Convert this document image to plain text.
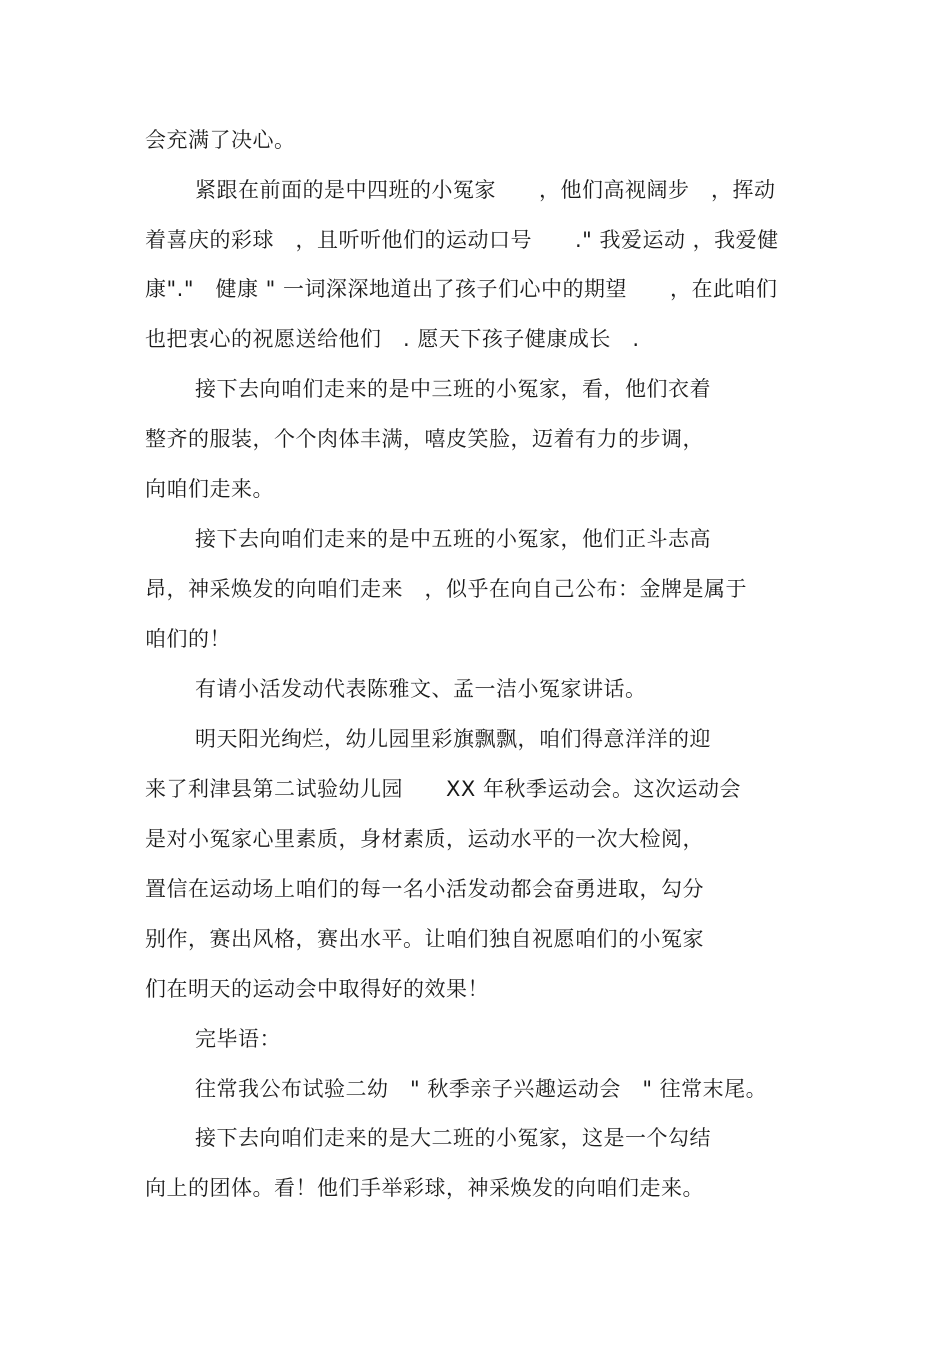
会充满了决心。
紧跟在前面的是中四班的小冤家　　，他们高视阔步　，挥动
着喜庆的彩球　，且听听他们的运动口号　　." 我爱运动 ，我爱健
康"."　健康 " 一词深深地道出了孩子们心中的期望　　，在此咱们
也把衷心的祝愿送给他们　. 愿天下孩子健康成长　.
接下去向咱们走来的是中三班的小冤家，看，他们衣着
整齐的服装，个个肉体丰满，嘻皮笑脸，迈着有力的步调，
向咱们走来。
接下去向咱们走来的是中五班的小冤家，他们正斗志高
昂，神采焕发的向咱们走来　，似乎在向自己公布：金牌是属于
咱们的！
有请小活发动代表陈雅文、孟一洁小冤家讲话。
明天阳光绚烂，幼儿园里彩旗飘飘，咱们得意洋洋的迎
来了利津县第二试验幼儿园　　XX 年秋季运动会。这次运动会
是对小冤家心里素质，身材素质，运动水平的一次大检阅，
置信在运动场上咱们的每一名小活发动都会奋勇进取，勾分
别作，赛出风格，赛出水平。让咱们独自祝愿咱们的小冤家
们在明天的运动会中取得好的效果！
完毕语：
往常我公布试验二幼　" 秋季亲子兴趣运动会　" 往常末尾。
接下去向咱们走来的是大二班的小冤家，这是一个勾结
向上的团体。看！他们手举彩球，神采焕发的向咱们走来。
